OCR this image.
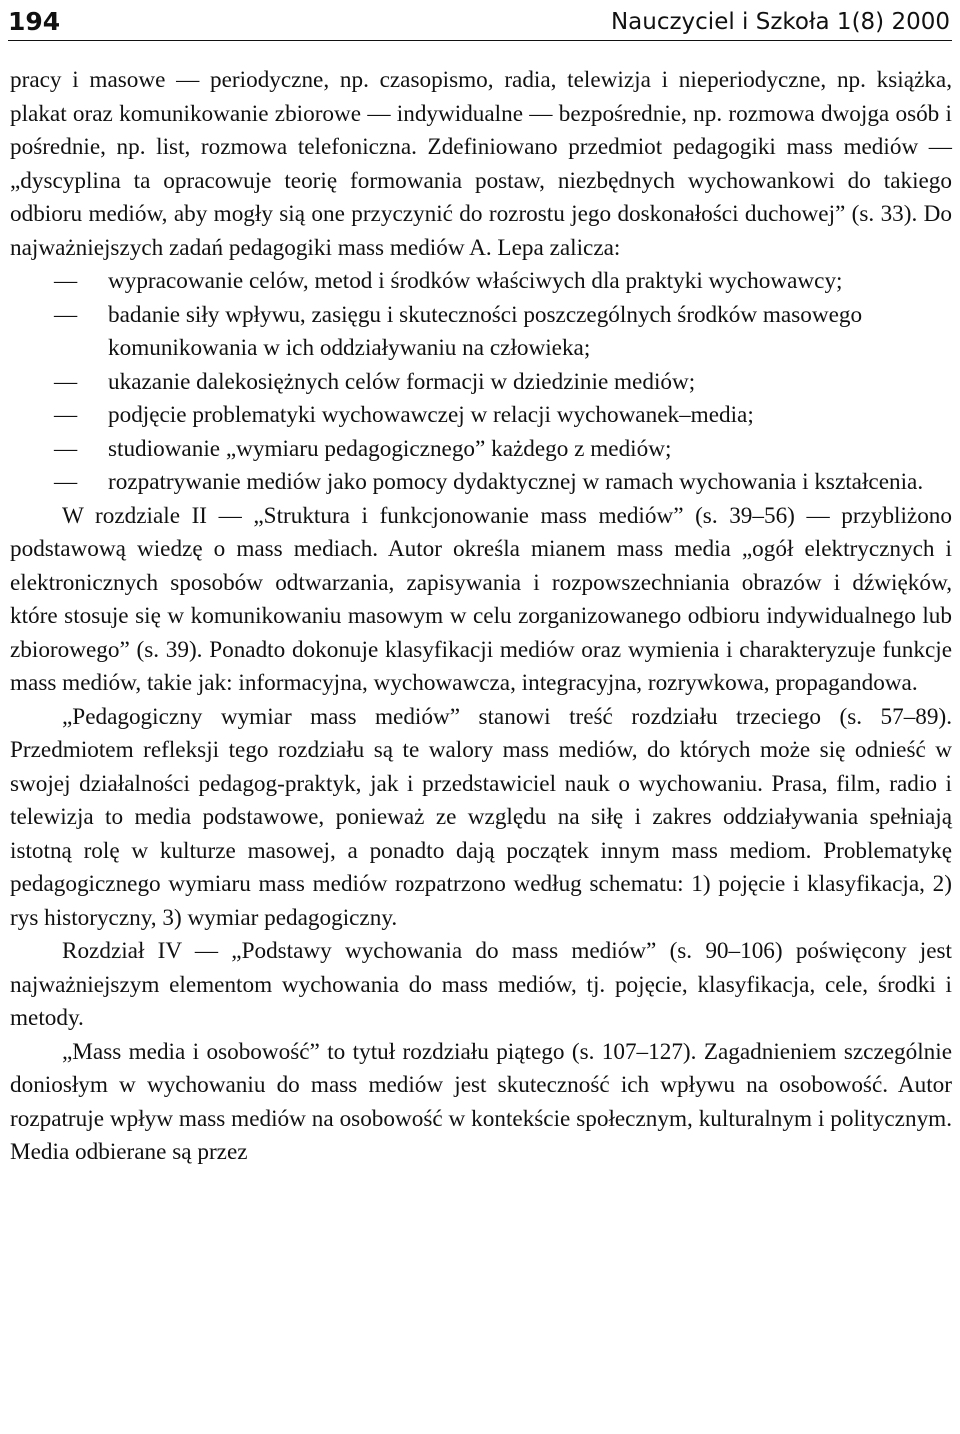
194	Nauczyciel i Szkoła 1(8) 2000

pracy i masowe — periodyczne, np. czasopismo, radia, telewizja i nieperiodyczne, np. książka, plakat oraz komunikowanie zbiorowe — indywidualne — bezpośrednie, np. rozmowa dwojga osób i pośrednie, np. list, rozmowa telefoniczna. Zdefiniowano przedmiot pedagogiki mass mediów — „dyscyplina ta opracowuje teorię formowania postaw, niezbędnych wychowankowi do takiego odbioru mediów, aby mogły sią one przyczynić do rozrostu jego doskonałości duchowej” (s. 33). Do najważniejszych zadań pedagogiki mass mediów A. Lepa zalicza:

— wypracowanie celów, metod i środków właściwych dla praktyki wychowawcy;
— badanie siły wpływu, zasięgu i skuteczności poszczególnych środków masowego komunikowania w ich oddziaływaniu na człowieka;
— ukazanie dalekosiężnych celów formacji w dziedzinie mediów;
— podjęcie problematyki wychowawczej w relacji wychowanek–media;
— studiowanie „wymiaru pedagogicznego” każdego z mediów;
— rozpatrywanie mediów jako pomocy dydaktycznej w ramach wychowania i kształcenia.

W rozdziale II — „Struktura i funkcjonowanie mass mediów” (s. 39–56) — przybliżono podstawową wiedzę o mass mediach. Autor określa mianem mass media „ogół elektrycznych i elektronicznych sposobów odtwarzania, zapisywania i rozpowszechniania obrazów i dźwięków, które stosuje się w komunikowaniu masowym w celu zorganizowanego odbioru indywidualnego lub zbiorowego” (s. 39). Ponadto dokonuje klasyfikacji mediów oraz wymienia i charakteryzuje funkcje mass mediów, takie jak: informacyjna, wychowawcza, integracyjna, rozrywkowa, propagandowa.

„Pedagogiczny wymiar mass mediów” stanowi treść rozdziału trzeciego (s. 57–89). Przedmiotem refleksji tego rozdziału są te walory mass mediów, do których może się odnieść w swojej działalności pedagog-praktyk, jak i przedstawiciel nauk o wychowaniu. Prasa, film, radio i telewizja to media podstawowe, ponieważ ze względu na siłę i zakres oddziaływania spełniają istotną rolę w kulturze masowej, a ponadto dają początek innym mass mediom. Problematykę pedagogicznego wymiaru mass mediów rozpatrzono według schematu: 1) pojęcie i klasyfikacja, 2) rys historyczny, 3) wymiar pedagogiczny.

Rozdział IV — „Podstawy wychowania do mass mediów” (s. 90–106) poświęcony jest najważniejszym elementom wychowania do mass mediów, tj. pojęcie, klasyfikacja, cele, środki i metody.

„Mass media i osobowość” to tytuł rozdziału piątego (s. 107–127). Zagadnieniem szczególnie doniosłym w wychowaniu do mass mediów jest skuteczność ich wpływu na osobowość. Autor rozpatruje wpływ mass mediów na osobowość w kontekście społecznym, kulturalnym i politycznym. Media odbierane są przez
